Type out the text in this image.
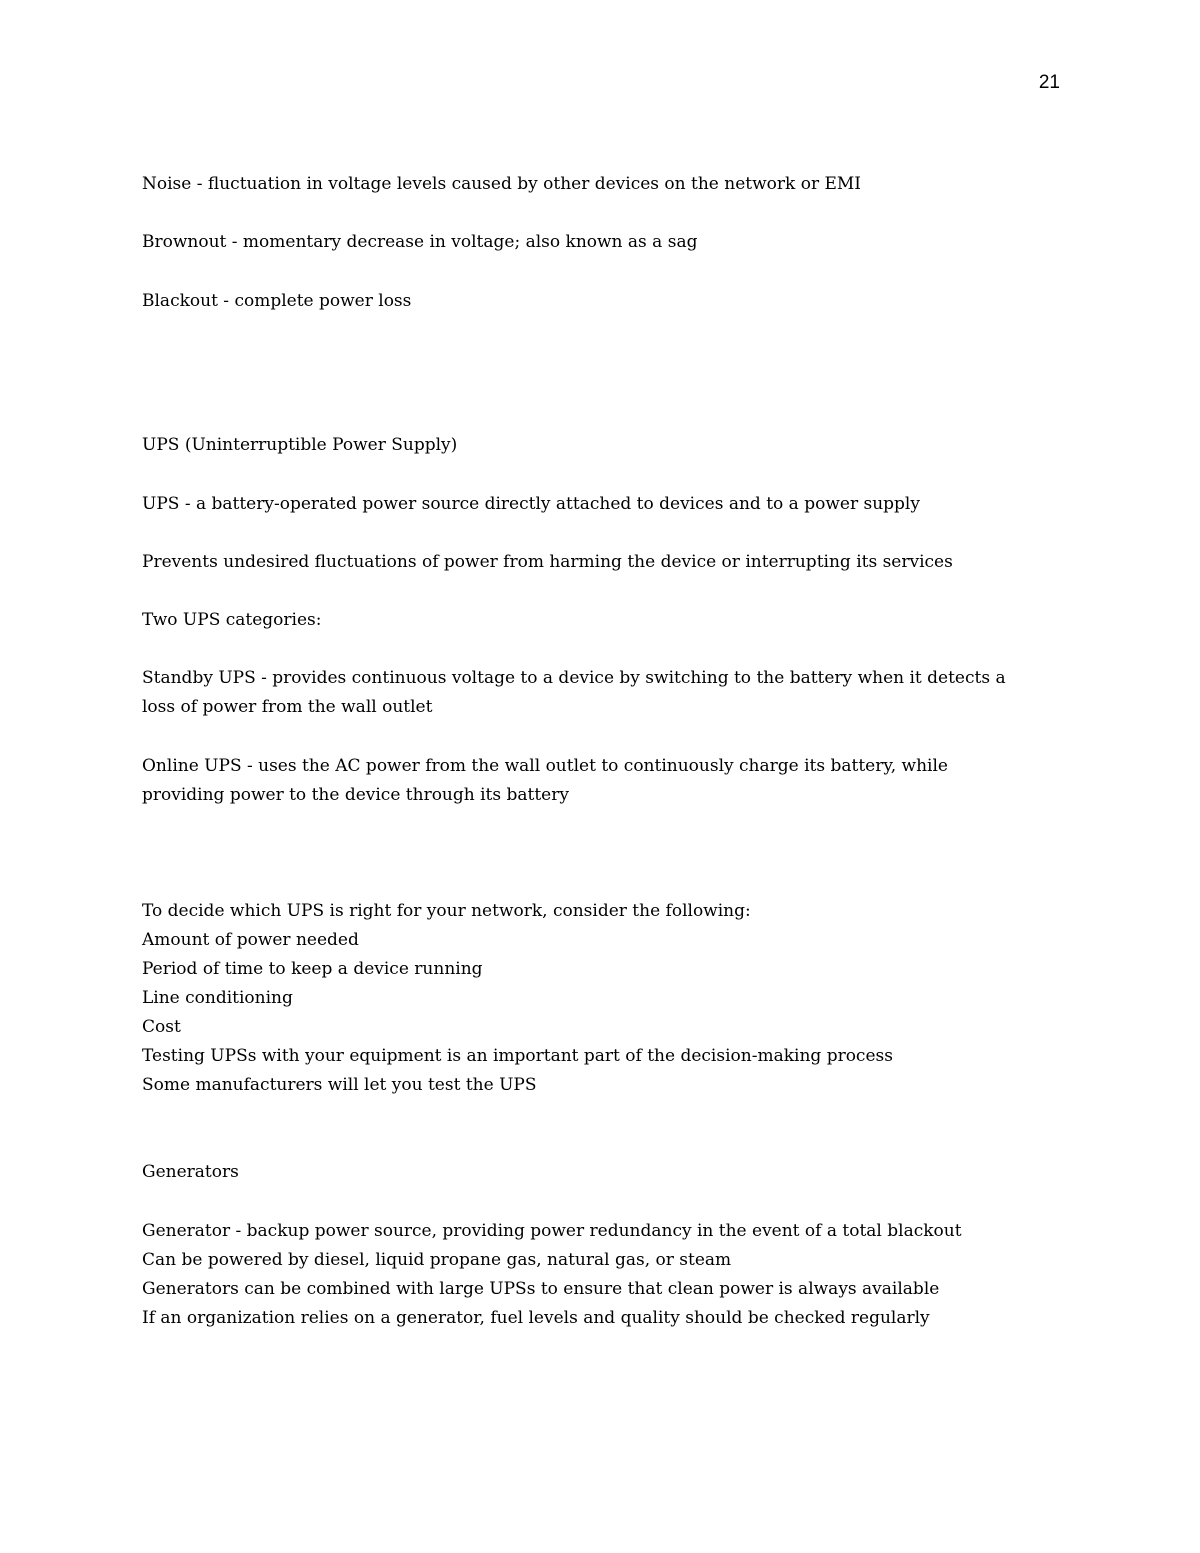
21
Noise - fluctuation in voltage levels caused by other devices on the network or EMI
Brownout - momentary decrease in voltage; also known as a sag
Blackout - complete power loss
UPS (Uninterruptible Power Supply)
UPS - a battery-operated power source directly attached to devices and to a power supply
Prevents undesired fluctuations of power from harming the device or interrupting its services
Two UPS categories:
Standby UPS - provides continuous voltage to a device by switching to the battery when it detects a
loss of power from the wall outlet
Online UPS - uses the AC power from the wall outlet to continuously charge its battery, while
providing power to the device through its battery
To decide which UPS is right for your network, consider the following:
Amount of power needed
Period of time to keep a device running
Line conditioning
Cost
Testing UPSs with your equipment is an important part of the decision-making process
Some manufacturers will let you test the UPS
Generators
Generator - backup power source, providing power redundancy in the event of a total blackout
Can be powered by diesel, liquid propane gas, natural gas, or steam
Generators can be combined with large UPSs to ensure that clean power is always available
If an organization relies on a generator, fuel levels and quality should be checked regularly
